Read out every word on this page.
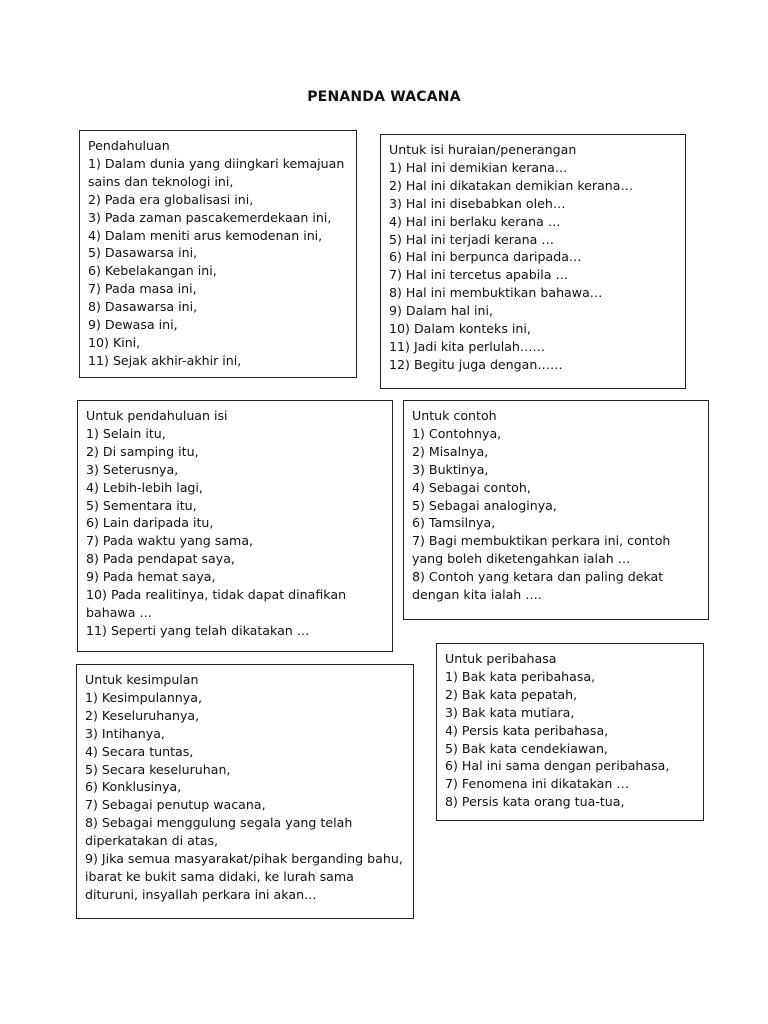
PENANDA WACANA
Pendahuluan
1) Dalam dunia yang diingkari kemajuan sains dan teknologi ini,
2) Pada era globalisasi ini,
3) Pada zaman pascakemerdekaan ini,
4) Dalam meniti arus kemodenan ini,
5) Dasawarsa ini,
6) Kebelakangan ini,
7) Pada masa ini,
8) Dasawarsa ini,
9) Dewasa ini,
10) Kini,
11) Sejak akhir-akhir ini,
Untuk isi huraian/penerangan
1) Hal ini demikian kerana…
2) Hal ini dikatakan demikian kerana…
3) Hal ini disebabkan oleh…
4) Hal ini berlaku kerana …
5) Hal ini terjadi kerana …
6) Hal ini berpunca daripada…
7) Hal ini tercetus apabila …
8) Hal ini membuktikan bahawa…
9) Dalam hal ini,
10) Dalam konteks ini,
11) Jadi kita perlulah……
12) Begitu juga dengan……
Untuk pendahuluan isi
1) Selain itu,
2) Di samping itu,
3) Seterusnya,
4) Lebih-lebih lagi,
5) Sementara itu,
6) Lain daripada itu,
7) Pada waktu yang sama,
8) Pada pendapat saya,
9) Pada hemat saya,
10) Pada realitinya, tidak dapat dinafikan bahawa …
11) Seperti yang telah dikatakan …
Untuk contoh
1) Contohnya,
2) Misalnya,
3) Buktinya,
4) Sebagai contoh,
5) Sebagai analoginya,
6) Tamsilnya,
7) Bagi membuktikan perkara ini, contoh yang boleh diketengahkan ialah …
8) Contoh yang ketara dan paling dekat dengan kita ialah ….
Untuk peribahasa
1) Bak kata peribahasa,
2) Bak kata pepatah,
3) Bak kata mutiara,
4) Persis kata peribahasa,
5) Bak kata cendekiawan,
6) Hal ini sama dengan peribahasa,
7) Fenomena ini dikatakan …
8) Persis kata orang tua-tua,
Untuk kesimpulan
1) Kesimpulannya,
2) Keseluruhanya,
3) Intihanya,
4) Secara tuntas,
5) Secara keseluruhan,
6) Konklusinya,
7) Sebagai penutup wacana,
8) Sebagai menggulung segala yang telah diperkatakan di atas,
9) Jika semua masyarakat/pihak berganding bahu, ibarat ke bukit sama didaki, ke lurah sama dituruni, insyallah perkara ini akan…
